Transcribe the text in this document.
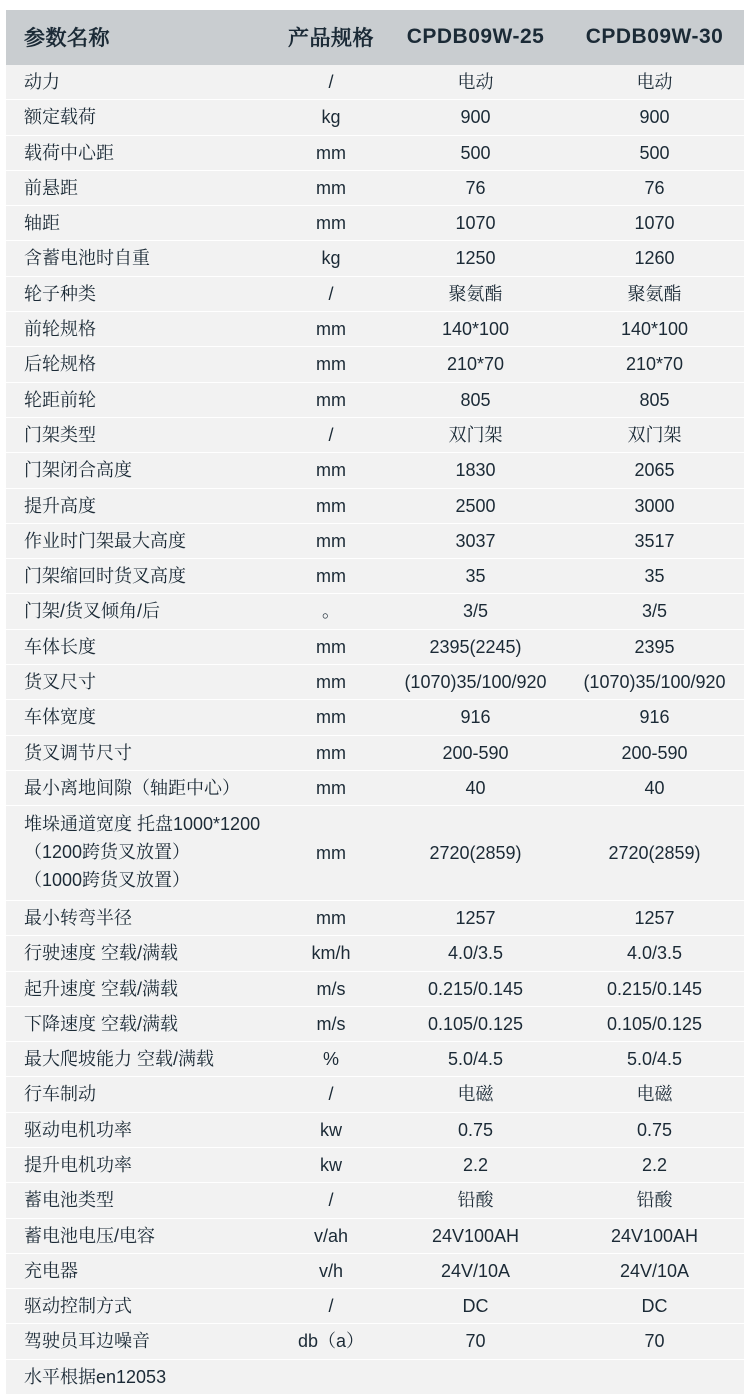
参数名称	产品规格	CPDB09W-25	CPDB09W-30
动力	/	电动	电动
额定载荷	kg	900	900
载荷中心距	mm	500	500
前悬距	mm	76	76
轴距	mm	1070	1070
含蓄电池时自重	kg	1250	1260
轮子种类	/	聚氨酯	聚氨酯
前轮规格	mm	140*100	140*100
后轮规格	mm	210*70	210*70
轮距前轮	mm	805	805
门架类型	/	双门架	双门架
门架闭合高度	mm	1830	2065
提升高度	mm	2500	3000
作业时门架最大高度	mm	3037	3517
门架缩回时货叉高度	mm	35	35
门架/货叉倾角/后	。	3/5	3/5
车体长度	mm	2395(2245)	2395
货叉尺寸	mm	(1070)35/100/920	(1070)35/100/920
车体宽度	mm	916	916
货叉调节尺寸	mm	200-590	200-590
最小离地间隙（轴距中心）	mm	40	40

堆垛通道宽度 托盘1000*1200
（1200跨货叉放置）
（1000跨货叉放置）	mm	2720(2859)	2720(2859)
最小转弯半径	mm	1257	1257
行驶速度 空载/满载	km/h	4.0/3.5	4.0/3.5
起升速度 空载/满载	m/s	0.215/0.145	0.215/0.145
下降速度 空载/满载	m/s	0.105/0.125	0.105/0.125
最大爬坡能力 空载/满载	%	5.0/4.5	5.0/4.5
行车制动	/	电磁	电磁
驱动电机功率	kw	0.75	0.75
提升电机功率	kw	2.2	2.2
蓄电池类型	/	铅酸	铅酸
蓄电池电压/电容	v/ah	24V100AH	24V100AH
充电器	v/h	24V/10A	24V/10A
驱动控制方式	/	DC	DC
驾驶员耳边噪音	db（a）	70	70
水平根据en12053			
